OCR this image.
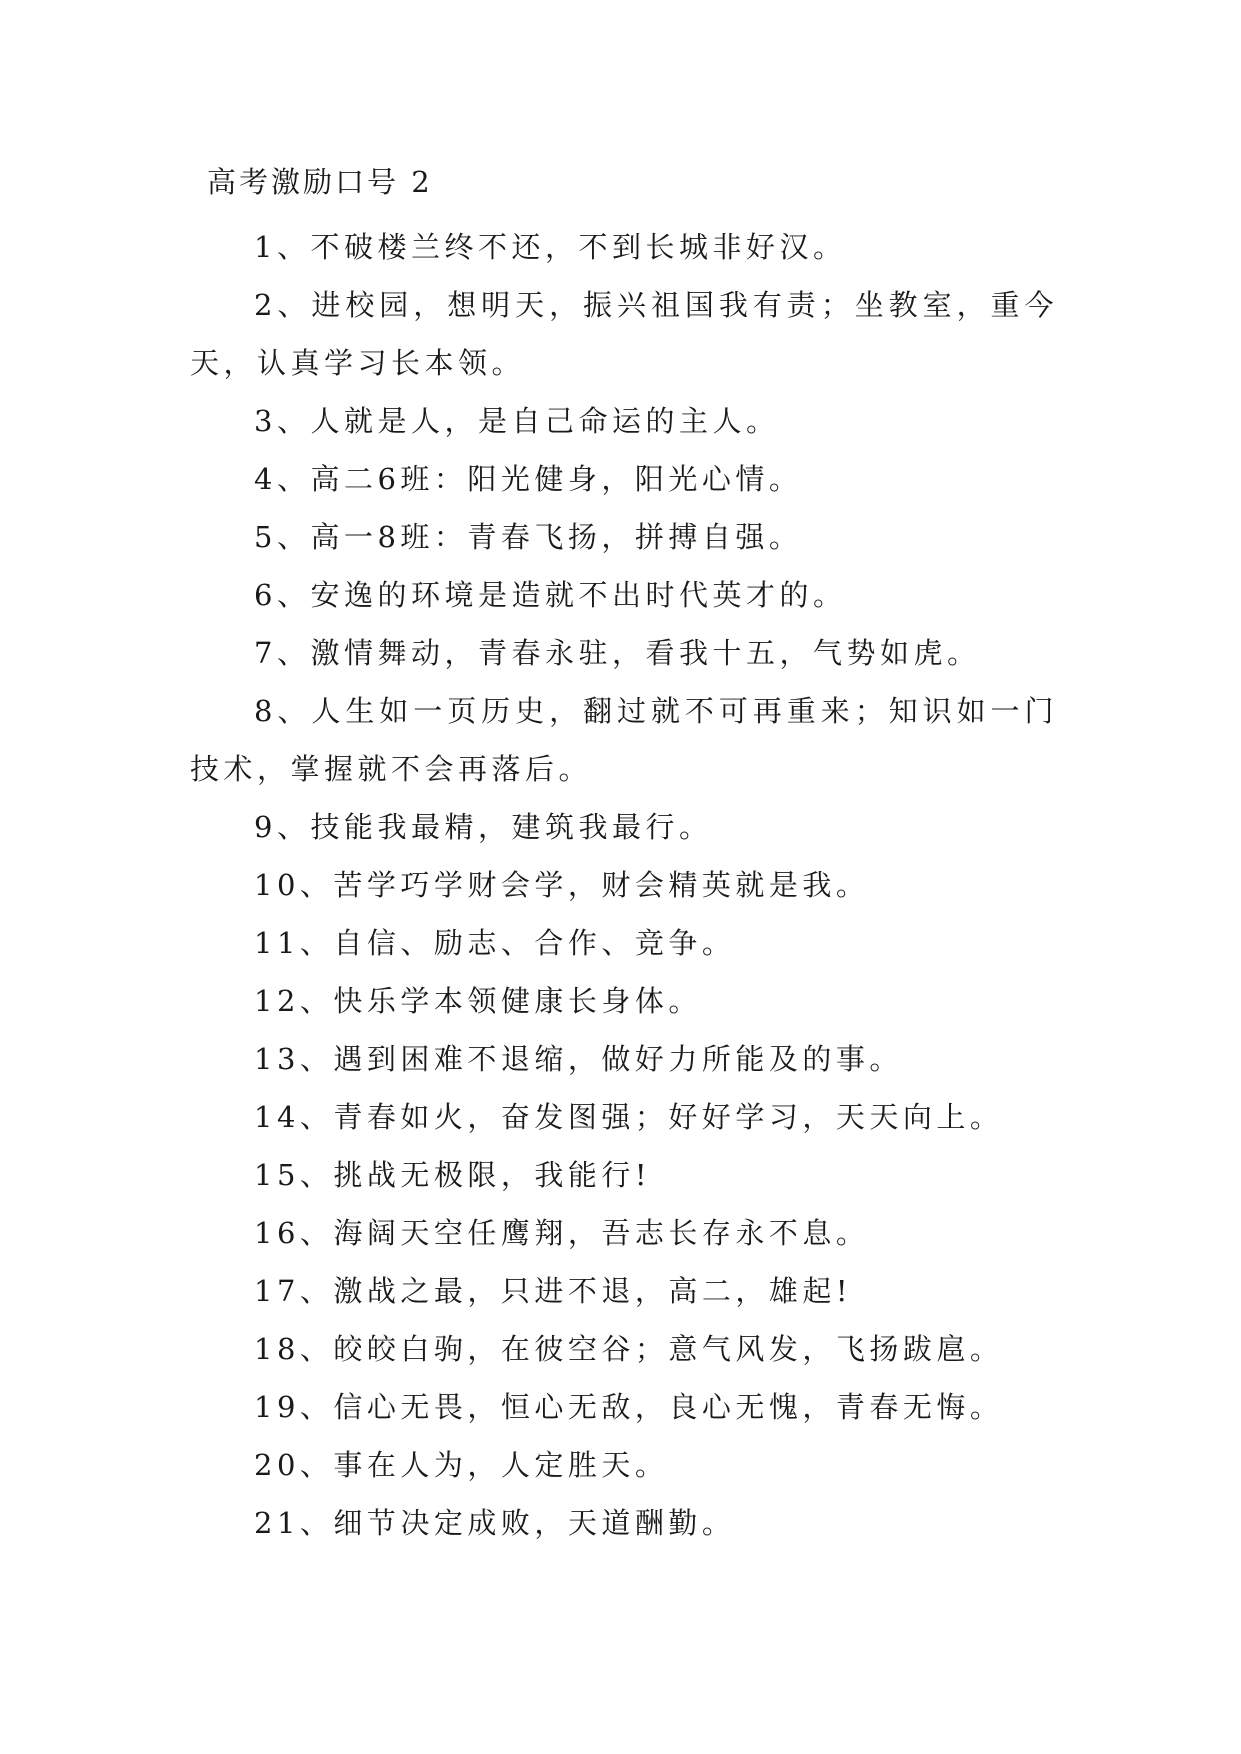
高考激励口号 2

1、不破楼兰终不还，不到长城非好汉。

2、进校园，想明天，振兴祖国我有责；坐教室，重今天，认真学习长本领。

3、人就是人，是自己命运的主人。

4、高二6班：阳光健身，阳光心情。

5、高一8班：青春飞扬，拼搏自强。

6、安逸的环境是造就不出时代英才的。

7、激情舞动，青春永驻，看我十五，气势如虎。

8、人生如一页历史，翻过就不可再重来；知识如一门技术，掌握就不会再落后。

9、技能我最精，建筑我最行。

10、苦学巧学财会学，财会精英就是我。

11、自信、励志、合作、竞争。

12、快乐学本领健康长身体。

13、遇到困难不退缩，做好力所能及的事。

14、青春如火，奋发图强；好好学习，天天向上。

15、挑战无极限，我能行!

16、海阔天空任鹰翔，吾志长存永不息。

17、激战之最，只进不退，高二，雄起!

18、皎皎白驹，在彼空谷；意气风发，飞扬跋扈。

19、信心无畏，恒心无敌，良心无愧，青春无悔。

20、事在人为，人定胜天。

21、细节决定成败，天道酬勤。
